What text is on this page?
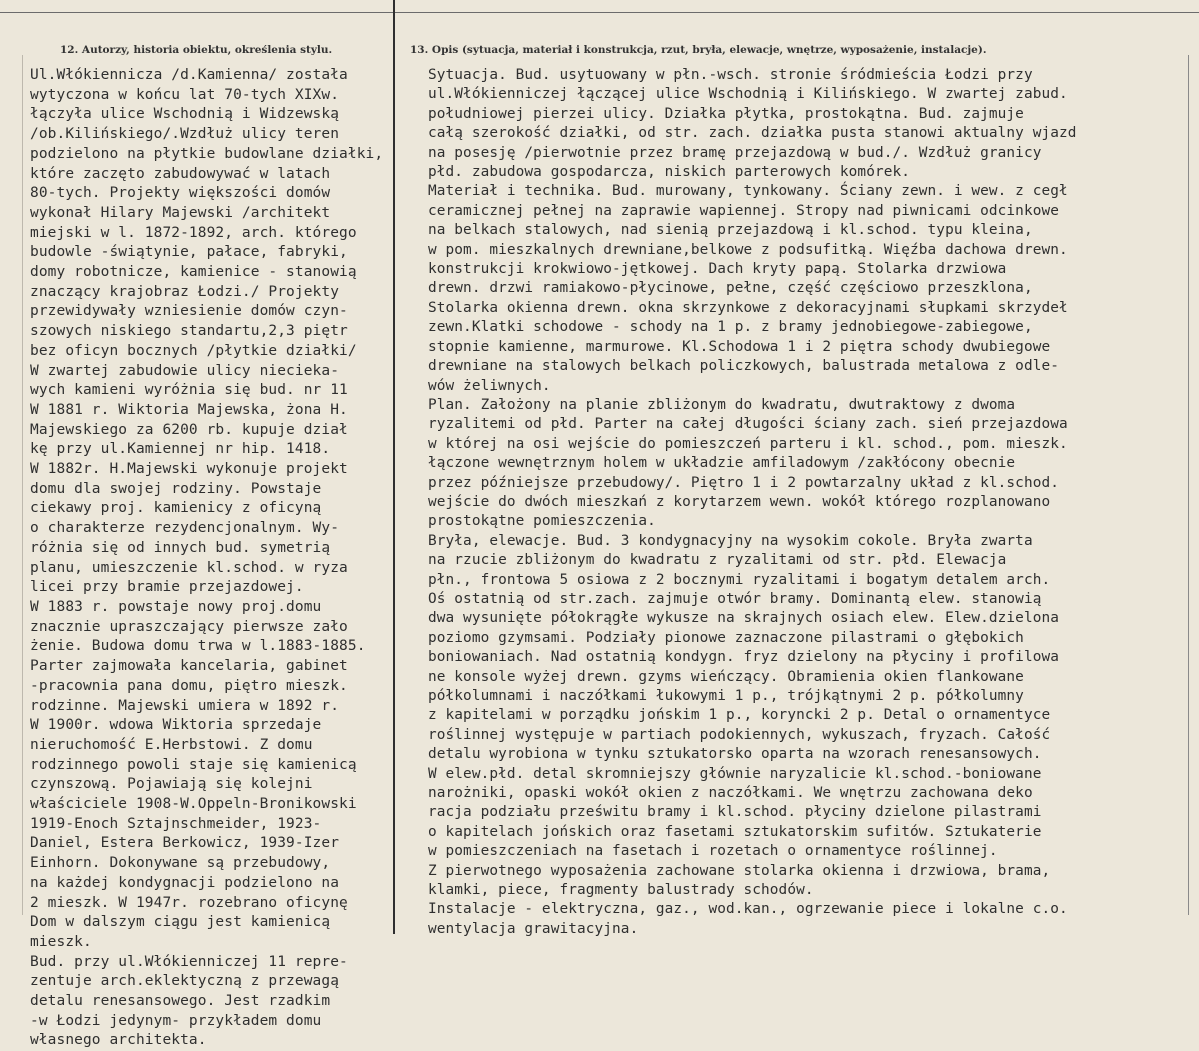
12. Autorzy, historia obiektu, określenia stylu.	13. Opis (sytuacja, materiał i konstrukcja, rzut, bryła, elewacje, wnętrze, wyposażenie, instalacje).
Ul.Włókiennicza /d.Kamienna/ została
wytyczona w końcu lat 70-tych XIXw.
łączyła ulice Wschodnią i Widzewską
/ob.Kilińskiego/.Wzdłuż ulicy teren
podzielono na płytkie budowlane działki,
które zaczęto zabudowywać w latach
80-tych. Projekty większości domów
wykonał Hilary Majewski /architekt
miejski w l. 1872-1892, arch. którego
budowle -świątynie, pałace, fabryki,
domy robotnicze, kamienice - stanowią
znaczący krajobraz Łodzi./ Projekty
przewidywały wzniesienie domów czyn-
szowych niskiego standartu,2,3 piętr
bez oficyn bocznych /płytkie działki/
W zwartej zabudowie ulicy niecieka-
wych kamieni wyróżnia się bud. nr 11
W 1881 r. Wiktoria Majewska, żona H.
Majewskiego za 6200 rb. kupuje dział
kę przy ul.Kamiennej nr hip. 1418.
W 1882r. H.Majewski wykonuje projekt
domu dla swojej rodziny. Powstaje
ciekawy proj. kamienicy z oficyną
o charakterze rezydencjonalnym. Wy-
różnia się od innych bud. symetrią
planu, umieszczenie kl.schod. w ryza
licei przy bramie przejazdowej.
W 1883 r. powstaje nowy proj.domu
znacznie upraszczający pierwsze zało
żenie. Budowa domu trwa w l.1883-1885.
Parter zajmowała kancelaria, gabinet
-pracownia pana domu, piętro mieszk.
rodzinne. Majewski umiera w 1892 r.
W 1900r. wdowa Wiktoria sprzedaje
nieruchomość E.Herbstowi. Z domu
rodzinnego powoli staje się kamienicą
czynszową. Pojawiają się kolejni
właściciele 1908-W.Oppeln-Bronikowski
1919-Enoch Sztajnschmeider, 1923-
Daniel, Estera Berkowicz, 1939-Izer
Einhorn. Dokonywane są przebudowy,
na każdej kondygnacji podzielono na
2 mieszk. W 1947r. rozebrano oficynę
Dom w dalszym ciągu jest kamienicą
mieszk.
Bud. przy ul.Włókienniczej 11 repre-
zentuje arch.eklektyczną z przewagą
detalu renesansowego. Jest rzadkim
-w Łodzi jedynym- przykładem domu
własnego architekta.
Sytuacja. Bud. usytuowany w płn.-wsch. stronie śródmieścia Łodzi przy
ul.Włókienniczej łączącej ulice Wschodnią i Kilińskiego. W zwartej zabud.
południowej pierzei ulicy. Działka płytka, prostokątna. Bud. zajmuje
całą szerokość działki, od str. zach. działka pusta stanowi aktualny wjazd
na posesję /pierwotnie przez bramę przejazdową w bud./. Wzdłuż granicy
płd. zabudowa gospodarcza, niskich parterowych komórek.
Materiał i technika. Bud. murowany, tynkowany. Ściany zewn. i wew. z cegł
ceramicznej pełnej na zaprawie wapiennej. Stropy nad piwnicami odcinkowe
na belkach stalowych, nad sienią przejazdową i kl.schod. typu kleina,
w pom. mieszkalnych drewniane,belkowe z podsufitką. Więźba dachowa drewn.
konstrukcji krokwiowo-jętkowej. Dach kryty papą. Stolarka drzwiowa
drewn. drzwi ramiakowo-płycinowe, pełne, część częściowo przeszklona,
Stolarka okienna drewn. okna skrzynkowe z dekoracyjnami słupkami skrzydeł
zewn.Klatki schodowe - schody na 1 p. z bramy jednobiegowe-zabiegowe,
stopnie kamienne, marmurowe. Kl.Schodowa 1 i 2 piętra schody dwubiegowe
drewniane na stalowych belkach policzkowych, balustrada metalowa z odle-
wów żeliwnych.
Plan. Założony na planie zbliżonym do kwadratu, dwutraktowy z dwoma
ryzalitemi od płd. Parter na całej długości ściany zach. sień przejazdowa
w której na osi wejście do pomieszczeń parteru i kl. schod., pom. mieszk.
łączone wewnętrznym holem w układzie amfiladowym /zakłócony obecnie
przez późniejsze przebudowy/. Piętro 1 i 2 powtarzalny układ z kl.schod.
wejście do dwóch mieszkań z korytarzem wewn. wokół którego rozplanowano
prostokątne pomieszczenia.
Bryła, elewacje. Bud. 3 kondygnacyjny na wysokim cokole. Bryła zwarta
na rzucie zbliżonym do kwadratu z ryzalitami od str. płd. Elewacja
płn., frontowa 5 osiowa z 2 bocznymi ryzalitami i bogatym detalem arch.
Oś ostatnią od str.zach. zajmuje otwór bramy. Dominantą elew. stanowią
dwa wysunięte półokrągłe wykusze na skrajnych osiach elew. Elew.dzielona
poziomo gzymsami. Podziały pionowe zaznaczone pilastrami o głębokich
boniowaniach. Nad ostatnią kondygn. fryz dzielony na płyciny i profilowa
ne konsole wyżej drewn. gzyms wieńczący. Obramienia okien flankowane
półkolumnami i naczółkami łukowymi 1 p., trójkątnymi 2 p. półkolumny
z kapitelami w porządku jońskim 1 p., koryncki 2 p. Detal o ornamentyce
roślinnej występuje w partiach podokiennych, wykuszach, fryzach. Całość
detalu wyrobiona w tynku sztukatorsko oparta na wzorach renesansowych.
W elew.płd. detal skromniejszy głównie naryzalicie kl.schod.-boniowane
narożniki, opaski wokół okien z naczółkami. We wnętrzu zachowana deko
racja podziału prześwitu bramy i kl.schod. płyciny dzielone pilastrami
o kapitelach jońskich oraz fasetami sztukatorskim sufitów. Sztukaterie
w pomieszczeniach na fasetach i rozetach o ornamentyce roślinnej.
Z pierwotnego wyposażenia zachowane stolarka okienna i drzwiowa, brama,
klamki, piece, fragmenty balustrady schodów.
Instalacje - elektryczna, gaz., wod.kan., ogrzewanie piece i lokalne c.o.
wentylacja grawitacyjna.
